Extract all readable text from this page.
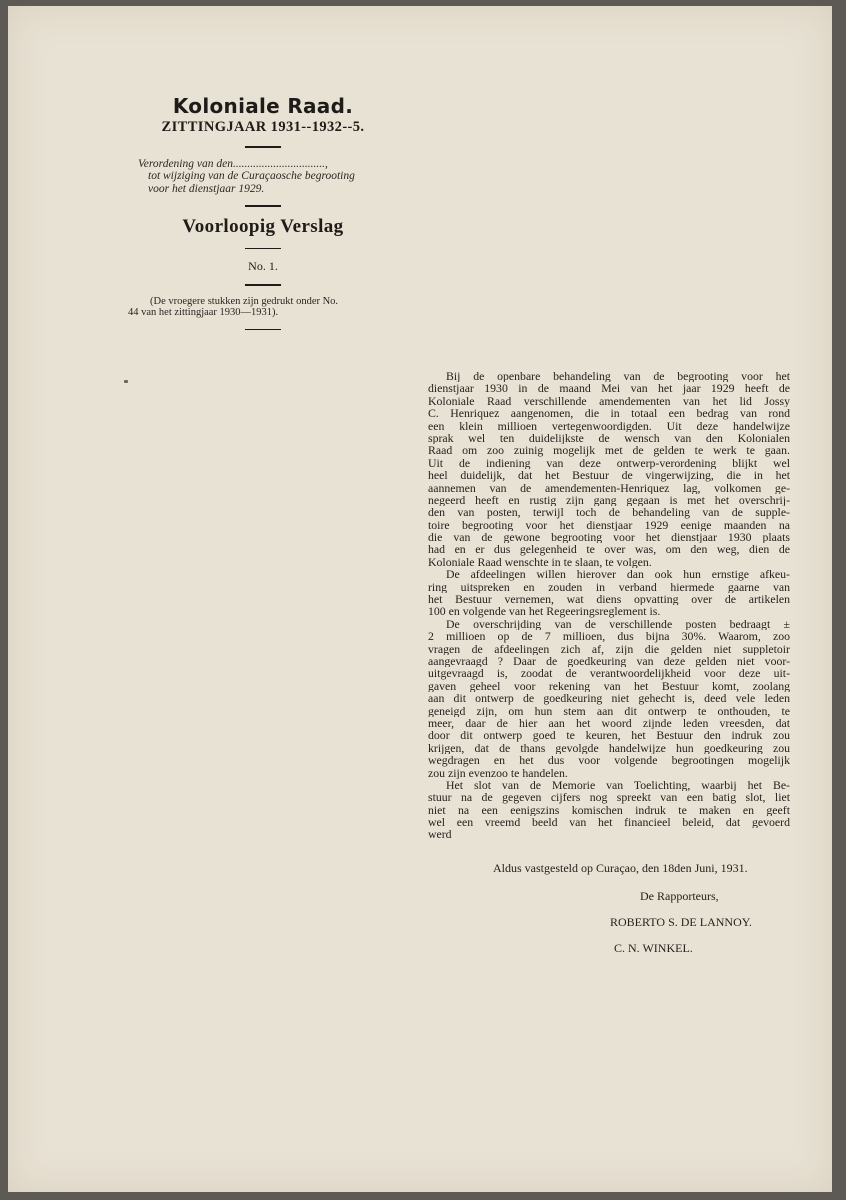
Koloniale Raad.
ZITTINGJAAR 1931--1932--5.
Verordening van den................................,
tot wijziging van de Curaçaosche begrooting
voor het dienstjaar 1929.
Voorloopig Verslag
No. 1.
(De vroegere stukken zijn gedrukt onder No.
44 van het zittingjaar 1930—1931).
Bij de openbare behandeling van de begrooting voor het
dienstjaar 1930 in de maand Mei van het jaar 1929 heeft de
Koloniale Raad verschillende amendementen van het lid Jossy
C. Henriquez aangenomen, die in totaal een bedrag van rond
een klein millioen vertegenwoordigden. Uit deze handelwijze
sprak wel ten duidelijkste de wensch van den Kolonialen
Raad om zoo zuinig mogelijk met de gelden te werk te gaan.
Uit de indiening van deze ontwerp-verordening blijkt wel
heel duidelijk, dat het Bestuur de vingerwijzing, die in het
aannemen van de amendementen-Henriquez lag, volkomen ge-
negeerd heeft en rustig zijn gang gegaan is met het overschrij-
den van posten, terwijl toch de behandeling van de supple-
toire begrooting voor het dienstjaar 1929 eenige maanden na
die van de gewone begrooting voor het dienstjaar 1930 plaats
had en er dus gelegenheid te over was, om den weg, dien de
Koloniale Raad wenschte in te slaan, te volgen.
De afdeelingen willen hierover dan ook hun ernstige afkeu-
ring uitspreken en zouden in verband hiermede gaarne van
het Bestuur vernemen, wat diens opvatting over de artikelen
100 en volgende van het Regeeringsreglement is.
De overschrijding van de verschillende posten bedraagt ±
2 millioen op de 7 millioen, dus bijna 30%. Waarom, zoo
vragen de afdeelingen zich af, zijn die gelden niet suppletoir
aangevraagd ? Daar de goedkeuring van deze gelden niet voor-
uitgevraagd is, zoodat de verantwoordelijkheid voor deze uit-
gaven geheel voor rekening van het Bestuur komt, zoolang
aan dit ontwerp de goedkeuring niet gehecht is, deed vele leden
geneigd zijn, om hun stem aan dit ontwerp te onthouden, te
meer, daar de hier aan het woord zijnde leden vreesden, dat
door dit ontwerp goed te keuren, het Bestuur den indruk zou
krijgen, dat de thans gevolgde handelwijze hun goedkeuring zou
wegdragen en het dus voor volgende begrootingen mogelijk
zou zijn evenzoo te handelen.
Het slot van de Memorie van Toelichting, waarbij het Be-
stuur na de gegeven cijfers nog spreekt van een batig slot, liet
niet na een eenigszins komischen indruk te maken en geeft
wel een vreemd beeld van het financieel beleid, dat gevoerd
werd
Aldus vastgesteld op Curaçao, den 18den Juni, 1931.
De Rapporteurs,
ROBERTO S. DE LANNOY.
C. N. WINKEL.
